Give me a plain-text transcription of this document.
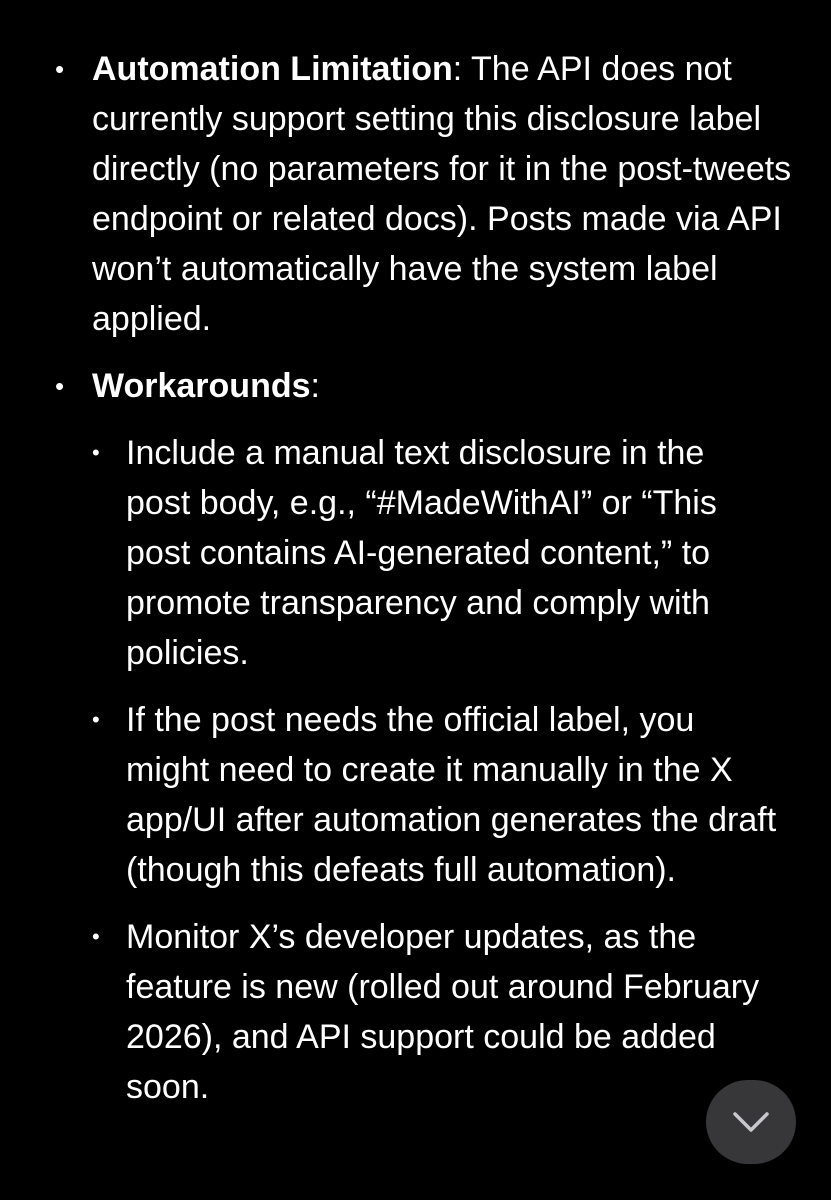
• Automation Limitation: The API does not currently support setting this disclosure label directly (no parameters for it in the post-tweets endpoint or related docs). Posts made via API won’t automatically have the system label applied.
• Workarounds:
• Include a manual text disclosure in the post body, e.g., “#MadeWithAI” or “This post contains AI-generated content,” to promote transparency and comply with policies.
• If the post needs the official label, you might need to create it manually in the X app/UI after automation generates the draft (though this defeats full automation).
• Monitor X’s developer updates, as the feature is new (rolled out around February 2026), and API support could be added soon.
